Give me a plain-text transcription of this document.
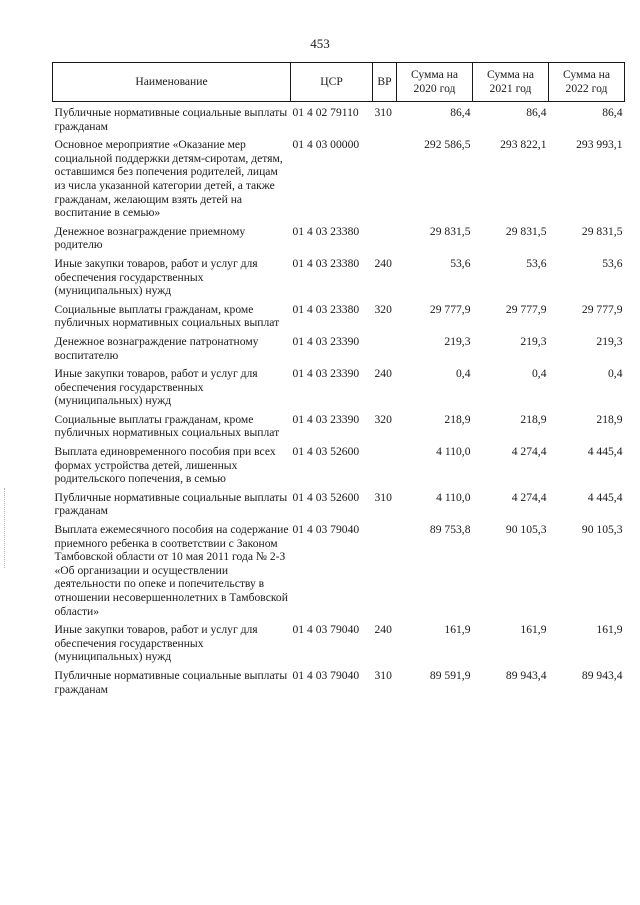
453
Наименование	ЦСР	ВР	Сумма на 2020 год	Сумма на 2021 год	Сумма на 2022 год

Публичные нормативные социальные выплаты гражданам	01 4 02 79110	310	86,4	86,4	86,4
Основное мероприятие «Оказание мер социальной поддержки детям-сиротам, детям, оставшимся без попечения родителей, лицам из числа указанной категории детей, а также гражданам, желающим взять детей на воспитание в семью»	01 4 03 00000		292 586,5	293 822,1	293 993,1
Денежное вознаграждение приемному родителю	01 4 03 23380		29 831,5	29 831,5	29 831,5
Иные закупки товаров, работ и услуг для обеспечения государственных (муниципальных) нужд	01 4 03 23380	240	53,6	53,6	53,6
Социальные выплаты гражданам, кроме публичных нормативных социальных выплат	01 4 03 23380	320	29 777,9	29 777,9	29 777,9
Денежное вознаграждение патронатному воспитателю	01 4 03 23390		219,3	219,3	219,3
Иные закупки товаров, работ и услуг для обеспечения государственных (муниципальных) нужд	01 4 03 23390	240	0,4	0,4	0,4
Социальные выплаты гражданам, кроме публичных нормативных социальных выплат	01 4 03 23390	320	218,9	218,9	218,9
Выплата единовременного пособия при всех формах устройства детей, лишенных родительского попечения, в семью	01 4 03 52600		4 110,0	4 274,4	4 445,4
Публичные нормативные социальные выплаты гражданам	01 4 03 52600	310	4 110,0	4 274,4	4 445,4
Выплата ежемесячного пособия на содержание приемного ребенка в соответствии с Законом Тамбовской области от 10 мая 2011 года № 2-З «Об организации и осуществлении деятельности по опеке и попечительству в отношении несовершеннолетних в Тамбовской области»	01 4 03 79040		89 753,8	90 105,3	90 105,3
Иные закупки товаров, работ и услуг для обеспечения государственных (муниципальных) нужд	01 4 03 79040	240	161,9	161,9	161,9
Публичные нормативные социальные выплаты гражданам	01 4 03 79040	310	89 591,9	89 943,4	89 943,4
